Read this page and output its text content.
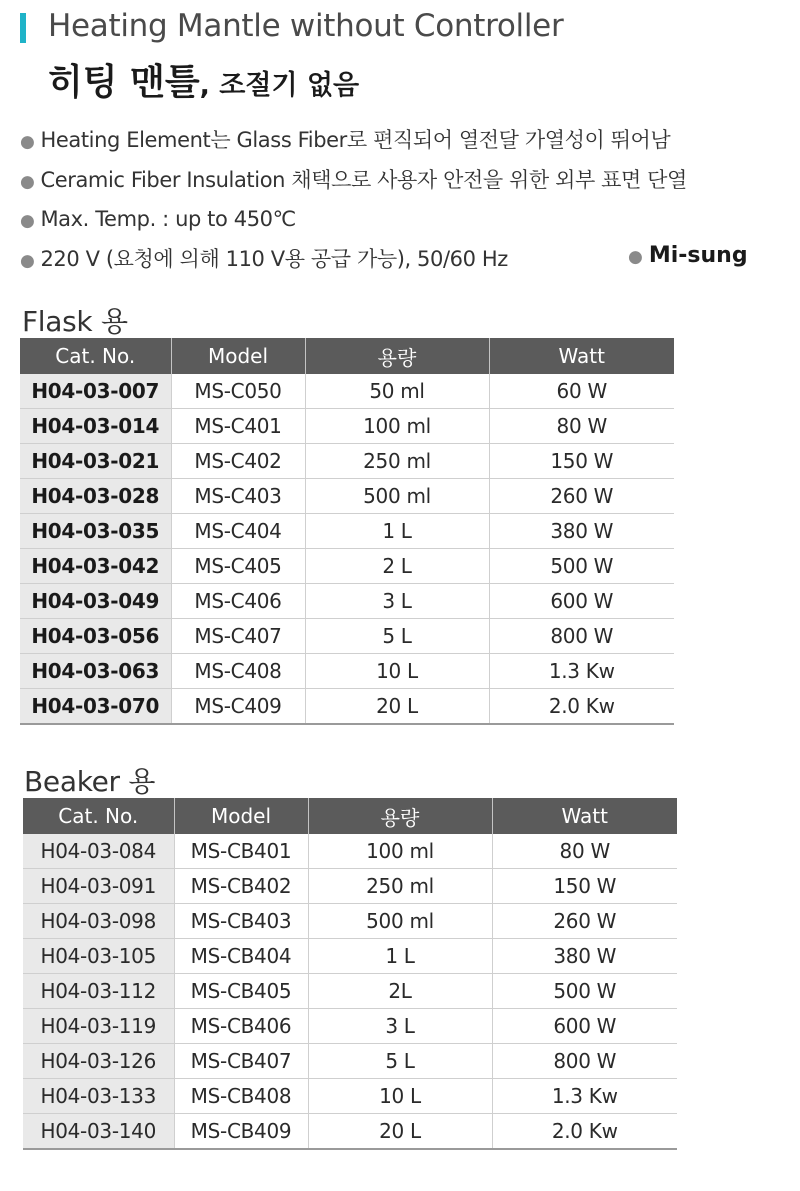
Heating Mantle without Controller
히팅 맨틀, 조절기 없음
● Heating Element는 Glass Fiber로 편직되어 열전달 가열성이 뛰어남
● Ceramic Fiber Insulation 채택으로 사용자 안전을 위한 외부 표면 단열
● Max. Temp. : up to 450℃
● 220 V (요청에 의해 110 V용 공급 가능), 50/60 Hz	● Mi-sung
Flask 용
Cat. No.	Model	용량	Watt
H04-03-007	MS-C050	50 ml	60 W
H04-03-014	MS-C401	100 ml	80 W
H04-03-021	MS-C402	250 ml	150 W
H04-03-028	MS-C403	500 ml	260 W
H04-03-035	MS-C404	1 L	380 W
H04-03-042	MS-C405	2 L	500 W
H04-03-049	MS-C406	3 L	600 W
H04-03-056	MS-C407	5 L	800 W
H04-03-063	MS-C408	10 L	1.3 Kw
H04-03-070	MS-C409	20 L	2.0 Kw
Beaker 용
Cat. No.	Model	용량	Watt
H04-03-084	MS-CB401	100 ml	80 W
H04-03-091	MS-CB402	250 ml	150 W
H04-03-098	MS-CB403	500 ml	260 W
H04-03-105	MS-CB404	1 L	380 W
H04-03-112	MS-CB405	2L	500 W
H04-03-119	MS-CB406	3 L	600 W
H04-03-126	MS-CB407	5 L	800 W
H04-03-133	MS-CB408	10 L	1.3 Kw
H04-03-140	MS-CB409	20 L	2.0 Kw
